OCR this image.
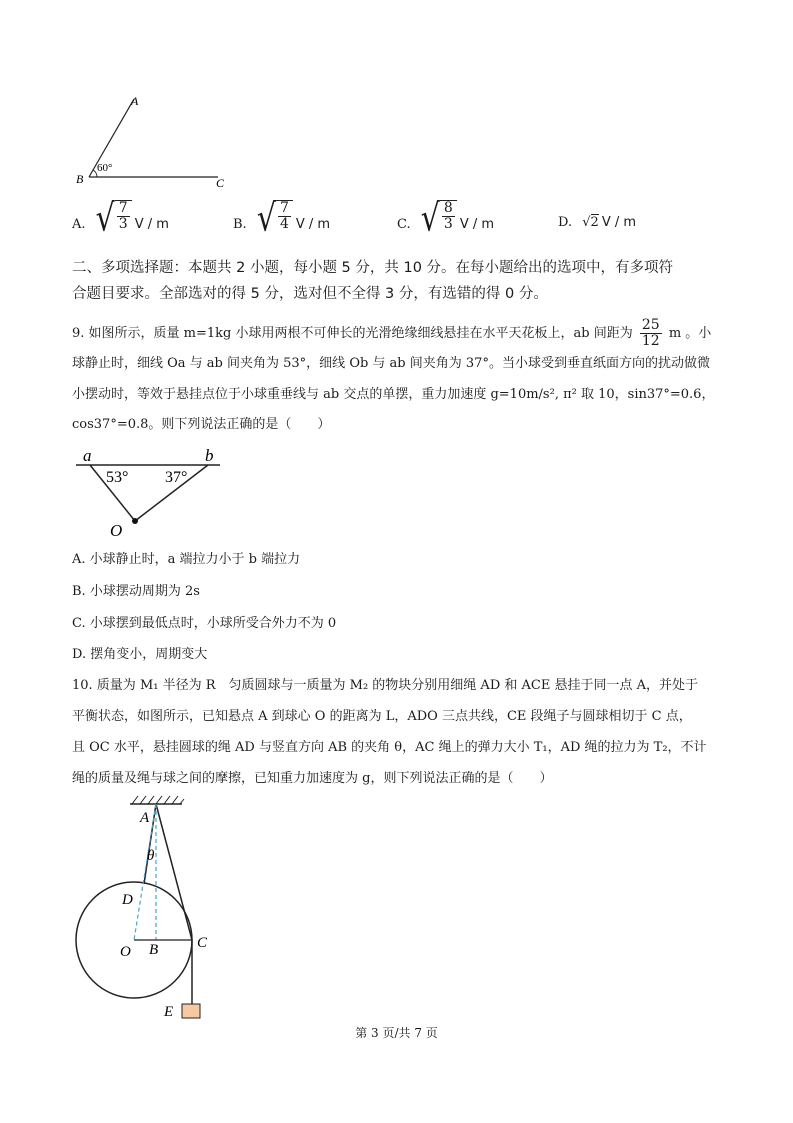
A
B	C
60°
A. √ $\frac{7}{3}$ V / m	B. √ $\frac{7}{4}$ V / m	C. √ $\frac{8}{3}$ V / m	D. √2 V / m
二、多项选择题：本题共 2 小题，每小题 5 分，共 10 分。在每小题给出的选项中，有多项符
合题目要求。全部选对的得 5 分，选对但不全得 3 分，有选错的得 0 分。
9. 如图所示，质量 m=1kg 小球用两根不可伸长的光滑绝缘细线悬挂在水平天花板上，ab 间距为 $\frac{25}{12}$ m 。小
球静止时，细线 Oa 与 ab 间夹角为 53°，细线 Ob 与 ab 间夹角为 37°。当小球受到垂直纸面方向的扰动做微
小摆动时，等效于悬挂点位于小球重垂线与 ab 交点的单摆，重力加速度 g=10m/s², π² 取 10，sin37°=0.6，
cos37°=0.8。则下列说法正确的是（　　）
a	b
O
53° 37°
A. 小球静止时，a 端拉力小于 b 端拉力
B. 小球摆动周期为 2s
C. 小球摆到最低点时，小球所受合外力不为 0
D. 摆角变小，周期变大
10. 质量为 M₁ 半径为 R　匀质圆球与一质量为 M₂ 的物块分别用细绳 AD 和 ACE 悬挂于同一点 A，并处于
平衡状态，如图所示，已知悬点 A 到球心 O 的距离为 L，ADO 三点共线，CE 段绳子与圆球相切于 C 点，
且 OC 水平，悬挂圆球的绳 AD 与竖直方向 AB 的夹角 θ，AC 绳上的弹力大小 T₁，AD 绳的拉力为 T₂，不计
绳的质量及绳与球之间的摩擦，已知重力加速度为 g，则下列说法正确的是（　　）
A
θ
D
O B	C
E
第 3 页/共 7 页
